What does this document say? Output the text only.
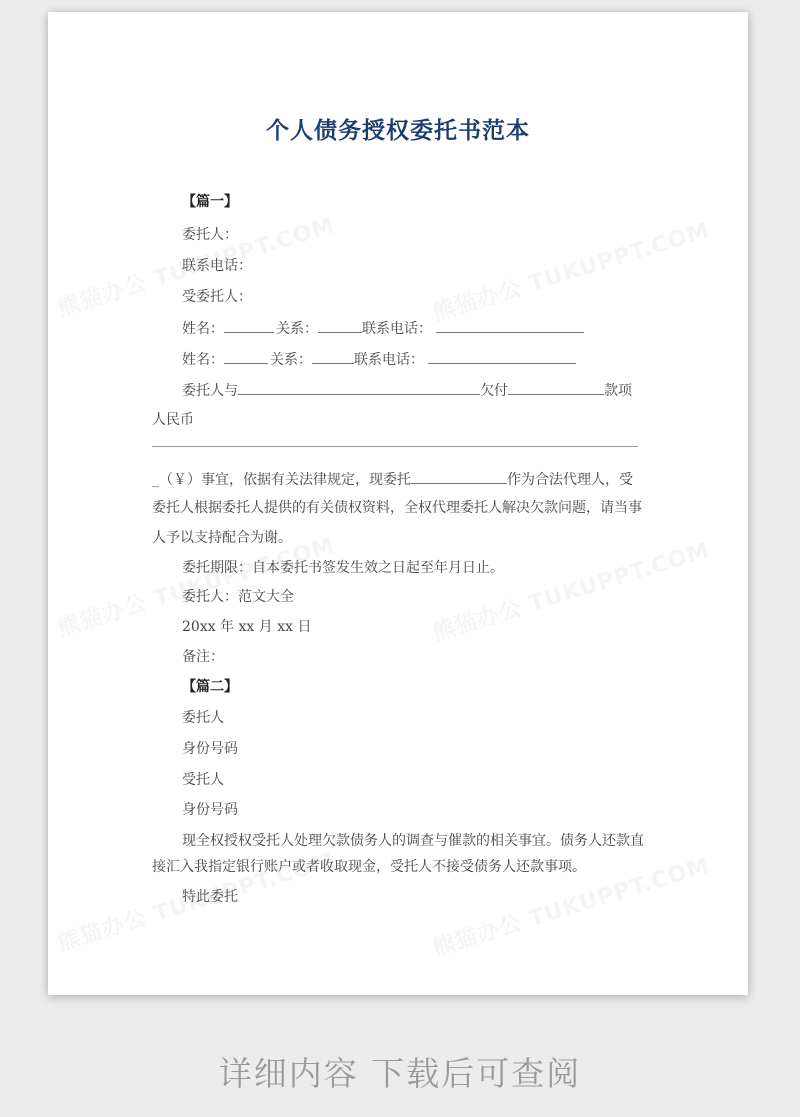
个人债务授权委托书范本
【篇一】
委托人：
联系电话：
受委托人：
姓名：	关系：	联系电话：
姓名：	关系：	联系电话：
委托人与	欠付	款项
人民币
_（￥）事宜，依据有关法律规定，现委托	作为合法代理人，受
委托人根据委托人提供的有关债权资料，全权代理委托人解决欠款问题，请当事
人予以支持配合为谢。
委托期限：自本委托书签发生效之日起至年月日止。
委托人：范文大全
20xx 年 xx 月 xx 日
备注：
【篇二】
委托人
身份号码
受托人
身份号码
现全权授权受托人处理欠款债务人的调查与催款的相关事宜。债务人还款直
接汇入我指定银行账户或者收取现金，受托人不接受债务人还款事项。
特此委托
详细内容 下载后可查阅
